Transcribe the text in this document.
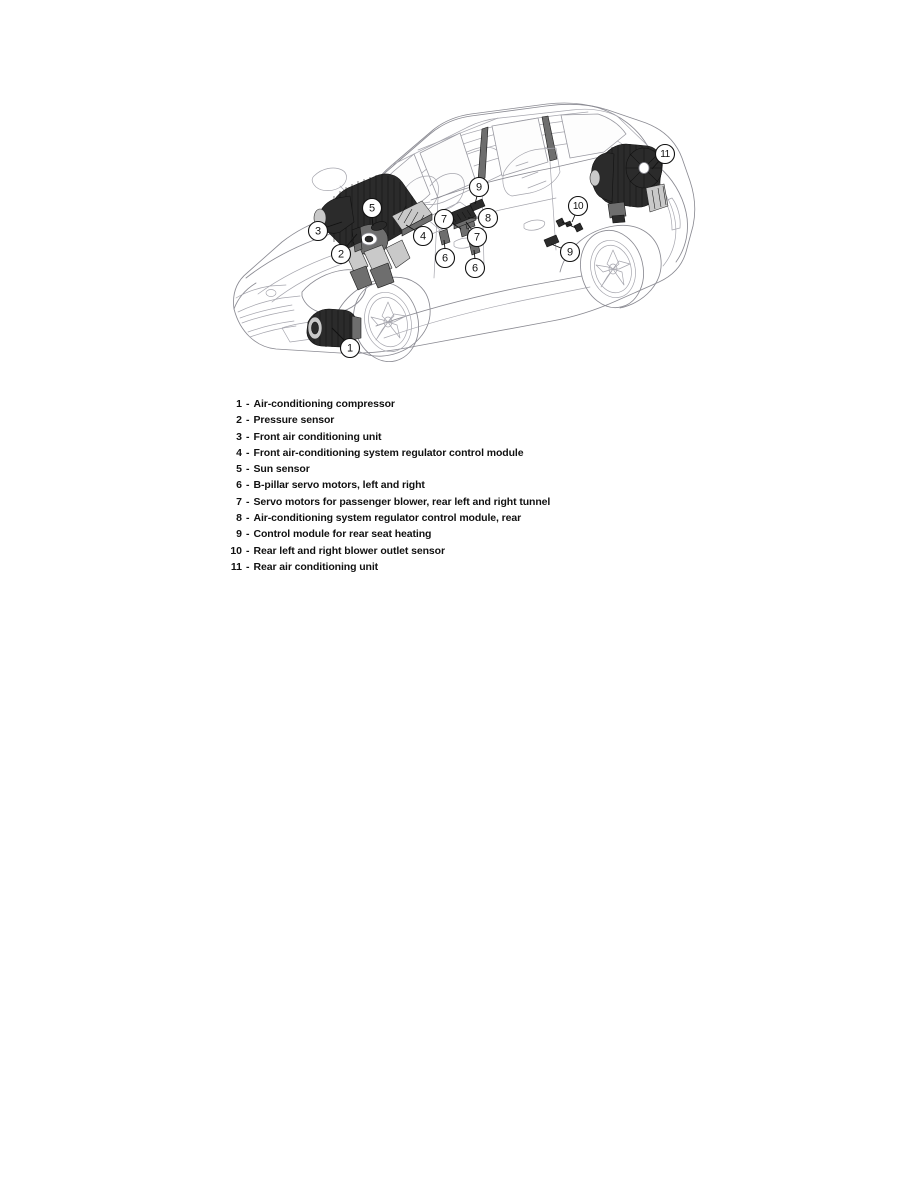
1
2
3	4
5
6
6
7
7
8
9
9
10
11
1 - Air-conditioning compressor
2 - Pressure sensor
3 - Front air conditioning unit
4 - Front air-conditioning system regulator control module
5 - Sun sensor
6 - B-pillar servo motors, left and right
7 - Servo motors for passenger blower, rear left and right tunnel
8 - Air-conditioning system regulator control module, rear
9 - Control module for rear seat heating
10 - Rear left and right blower outlet sensor
11 - Rear air conditioning unit
